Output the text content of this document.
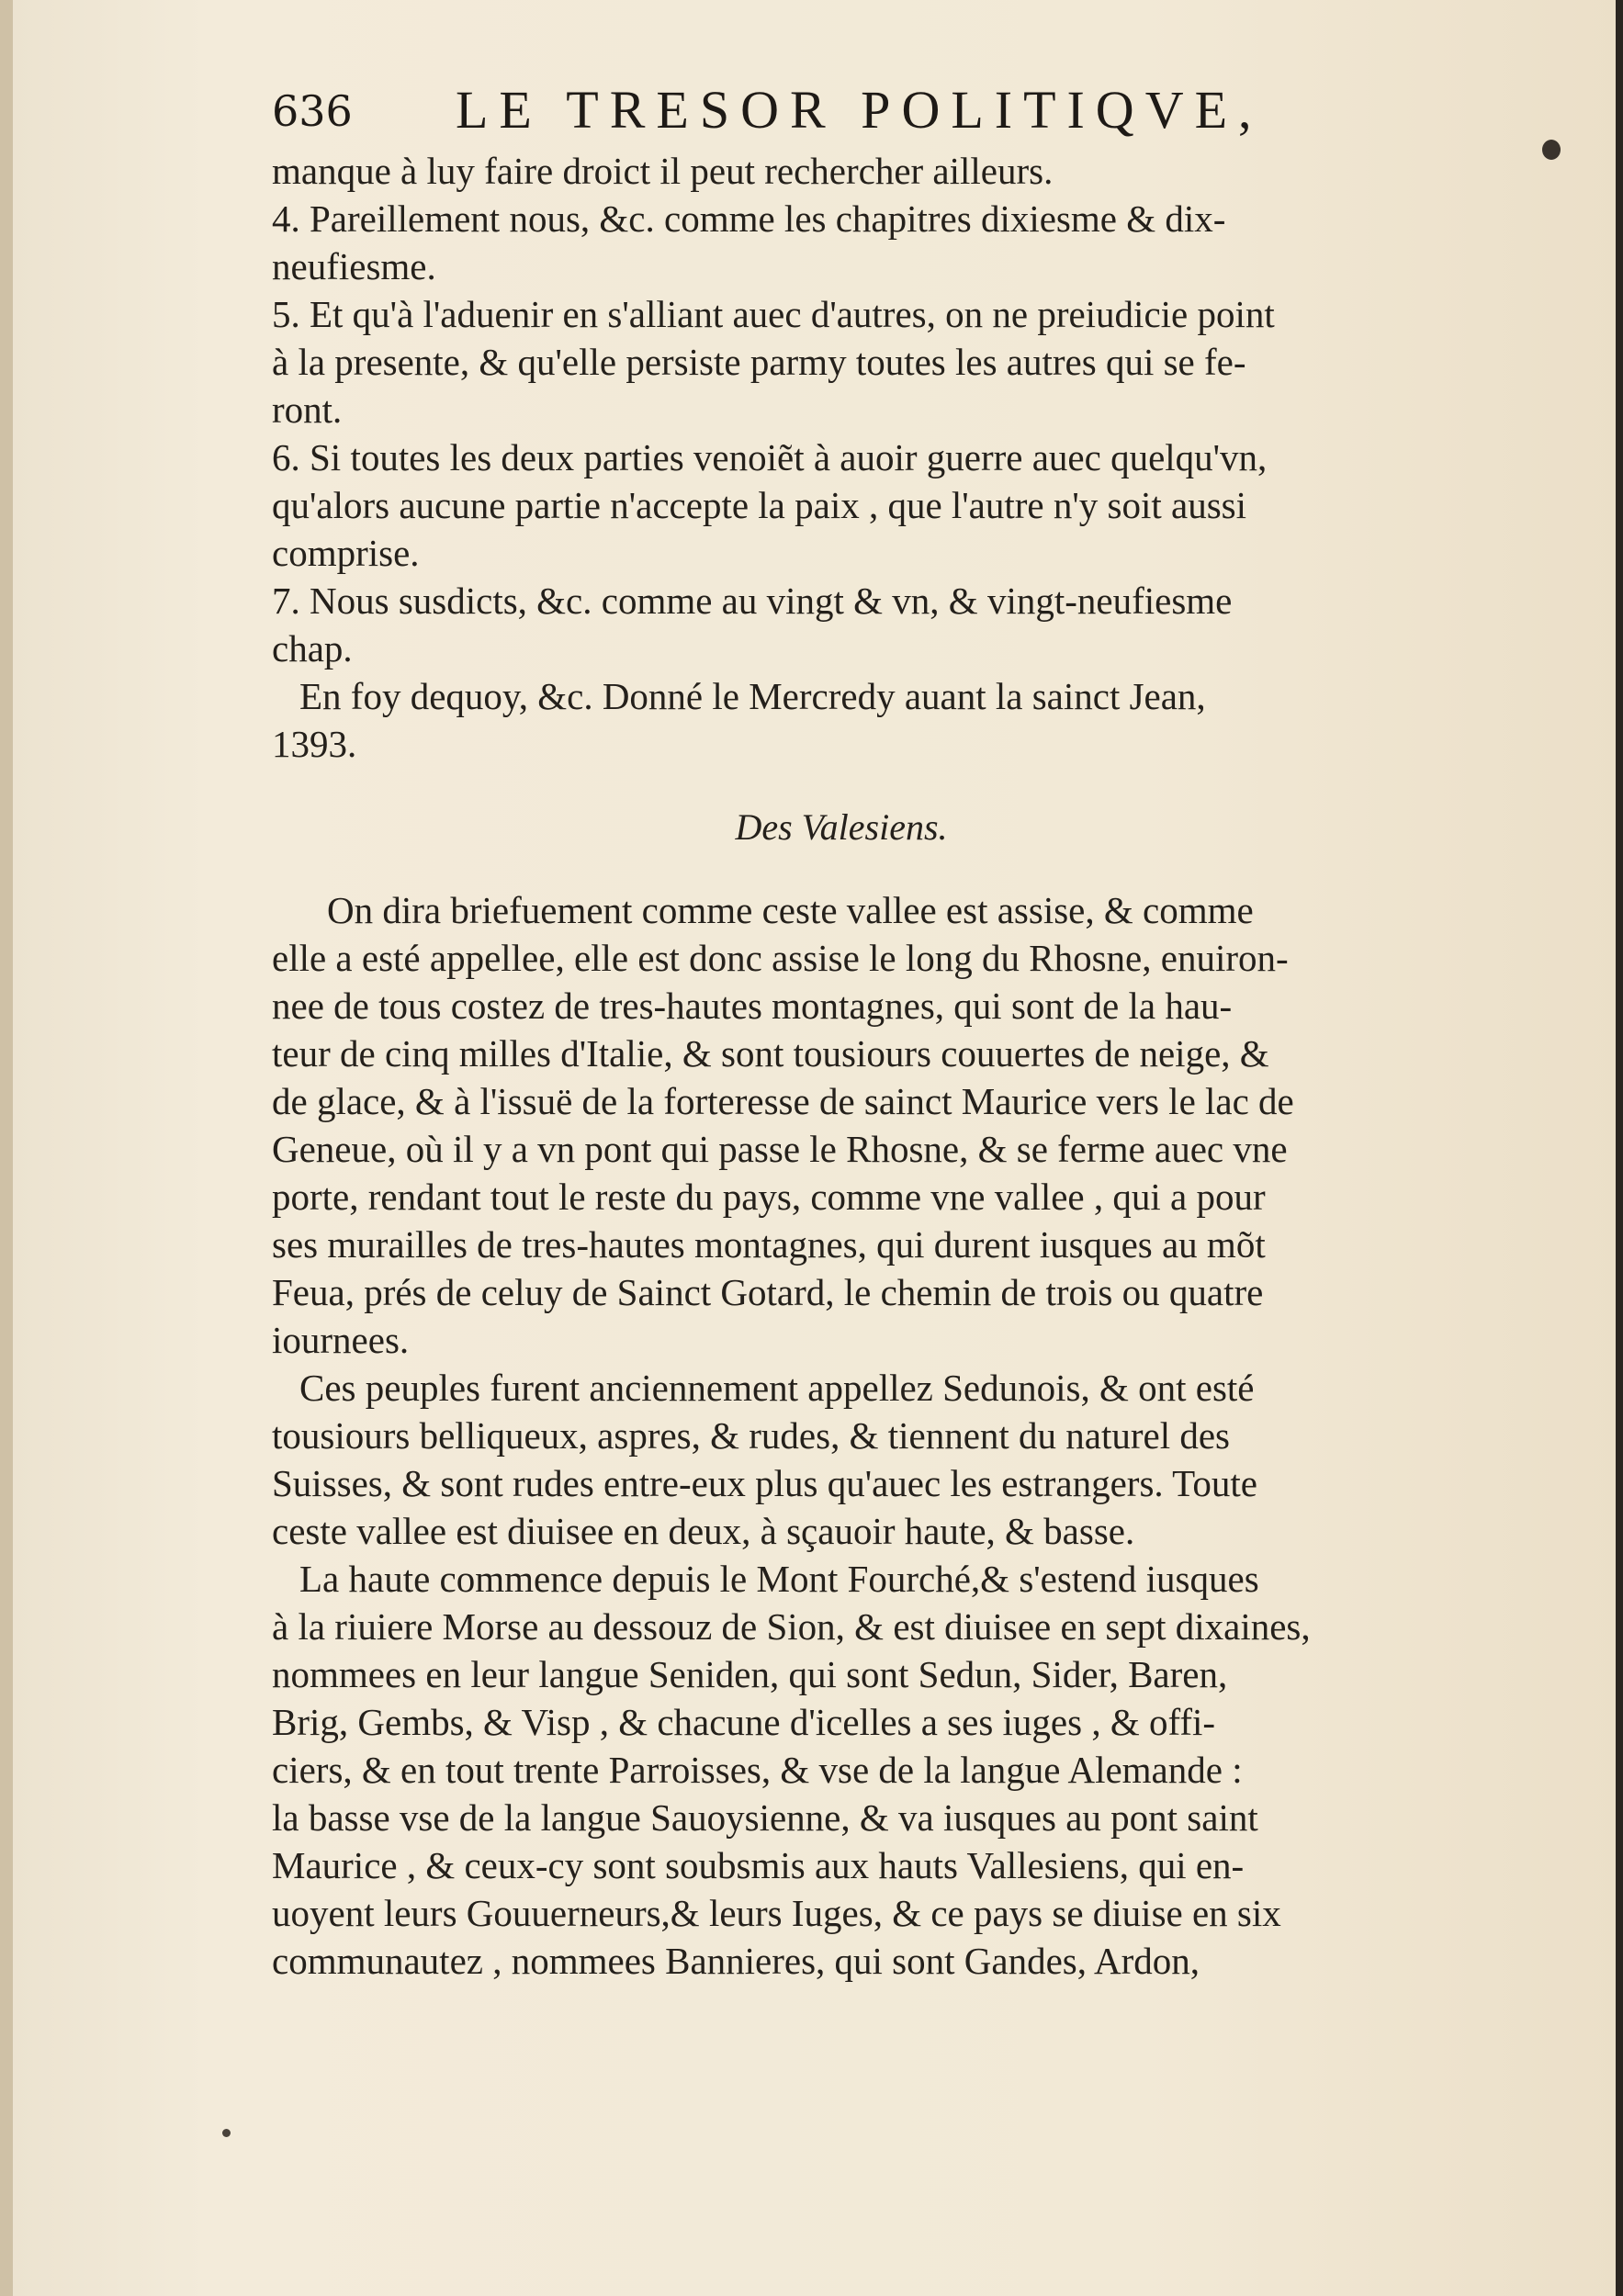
636 LE TRESOR POLITIQVE,
manque à luy faire droict il peut rechercher ailleurs.
4. Pareillement nous, &c. comme les chapitres dixiesme & dix-
neufiesme.
5. Et qu'à l'aduenir en s'alliant auec d'autres, on ne preiudicie point
à la presente, & qu'elle persiste parmy toutes les autres qui se fe-
ront.
6. Si toutes les deux parties venoiẽt à auoir guerre auec quelqu'vn,
qu'alors aucune partie n'accepte la paix , que l'autre n'y soit aussi
comprise.
7. Nous susdicts, &c. comme au vingt & vn, & vingt-neufiesme
chap.
En foy dequoy, &c. Donné le Mercredy auant la sainct Jean,
1393.
Des Valesiens.
On dira briefuement comme ceste vallee est assise, & comme
elle a esté appellee, elle est donc assise le long du Rhosne, enuiron-
nee de tous costez de tres-hautes montagnes, qui sont de la hau-
teur de cinq milles d'Italie, & sont tousiours couuertes de neige, &
de glace, & à l'issuë de la forteresse de sainct Maurice vers le lac de
Geneue, où il y a vn pont qui passe le Rhosne, & se ferme auec vne
porte, rendant tout le reste du pays, comme vne vallee , qui a pour
ses murailles de tres-hautes montagnes, qui durent iusques au mõt
Feua, prés de celuy de Sainct Gotard, le chemin de trois ou quatre
iournees.
Ces peuples furent anciennement appellez Sedunois, & ont esté
tousiours belliqueux, aspres, & rudes, & tiennent du naturel des
Suisses, & sont rudes entre-eux plus qu'auec les estrangers. Toute
ceste vallee est diuisee en deux, à sçauoir haute, & basse.
La haute commence depuis le Mont Fourché,& s'estend iusques
à la riuiere Morse au dessouz de Sion, & est diuisee en sept dixaines,
nommees en leur langue Seniden, qui sont Sedun, Sider, Baren,
Brig, Gembs, & Visp , & chacune d'icelles a ses iuges , & offi-
ciers, & en tout trente Parroisses, & vse de la langue Alemande :
la basse vse de la langue Sauoysienne, & va iusques au pont saint
Maurice , & ceux-cy sont soubsmis aux hauts Vallesiens, qui en-
uoyent leurs Gouuerneurs,& leurs Iuges, & ce pays se diuise en six
communautez , nommees Bannieres, qui sont Gandes, Ardon,
